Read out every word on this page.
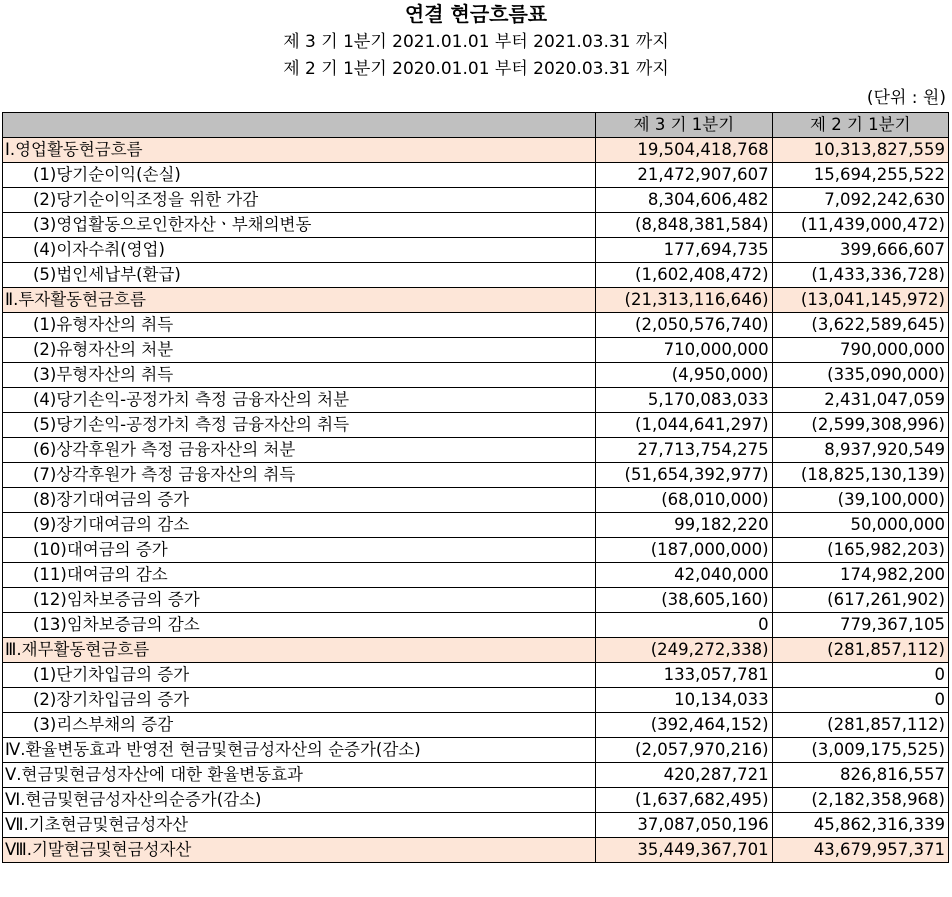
연결 현금흐름표
제 3 기 1분기 2021.01.01 부터 2021.03.31 까지
제 2 기 1분기 2020.01.01 부터 2020.03.31 까지
(단위 : 원)
	제 3 기 1분기	제 2 기 1분기
Ⅰ.영업활동현금흐름	19,504,418,768	10,313,827,559
(1)당기순이익(손실)	21,472,907,607	15,694,255,522
(2)당기순이익조정을 위한 가감	8,304,606,482	7,092,242,630
(3)영업활동으로인한자산ㆍ부채의변동	(8,848,381,584)	(11,439,000,472)
(4)이자수취(영업)	177,694,735	399,666,607
(5)법인세납부(환급)	(1,602,408,472)	(1,433,336,728)
Ⅱ.투자활동현금흐름	(21,313,116,646)	(13,041,145,972)
(1)유형자산의 취득	(2,050,576,740)	(3,622,589,645)
(2)유형자산의 처분	710,000,000	790,000,000
(3)무형자산의 취득	(4,950,000)	(335,090,000)
(4)당기손익-공정가치 측정 금융자산의 처분	5,170,083,033	2,431,047,059
(5)당기손익-공정가치 측정 금융자산의 취득	(1,044,641,297)	(2,599,308,996)
(6)상각후원가 측정 금융자산의 처분	27,713,754,275	8,937,920,549
(7)상각후원가 측정 금융자산의 취득	(51,654,392,977)	(18,825,130,139)
(8)장기대여금의 증가	(68,010,000)	(39,100,000)
(9)장기대여금의 감소	99,182,220	50,000,000
(10)대여금의 증가	(187,000,000)	(165,982,203)
(11)대여금의 감소	42,040,000	174,982,200
(12)임차보증금의 증가	(38,605,160)	(617,261,902)
(13)임차보증금의 감소	0	779,367,105
Ⅲ.재무활동현금흐름	(249,272,338)	(281,857,112)
(1)단기차입금의 증가	133,057,781	0
(2)장기차입금의 증가	10,134,033	0
(3)리스부채의 증감	(392,464,152)	(281,857,112)
Ⅳ.환율변동효과 반영전 현금및현금성자산의 순증가(감소)	(2,057,970,216)	(3,009,175,525)
Ⅴ.현금및현금성자산에 대한 환율변동효과	420,287,721	826,816,557
Ⅵ.현금및현금성자산의순증가(감소)	(1,637,682,495)	(2,182,358,968)
Ⅶ.기초현금및현금성자산	37,087,050,196	45,862,316,339
Ⅷ.기말현금및현금성자산	35,449,367,701	43,679,957,371
